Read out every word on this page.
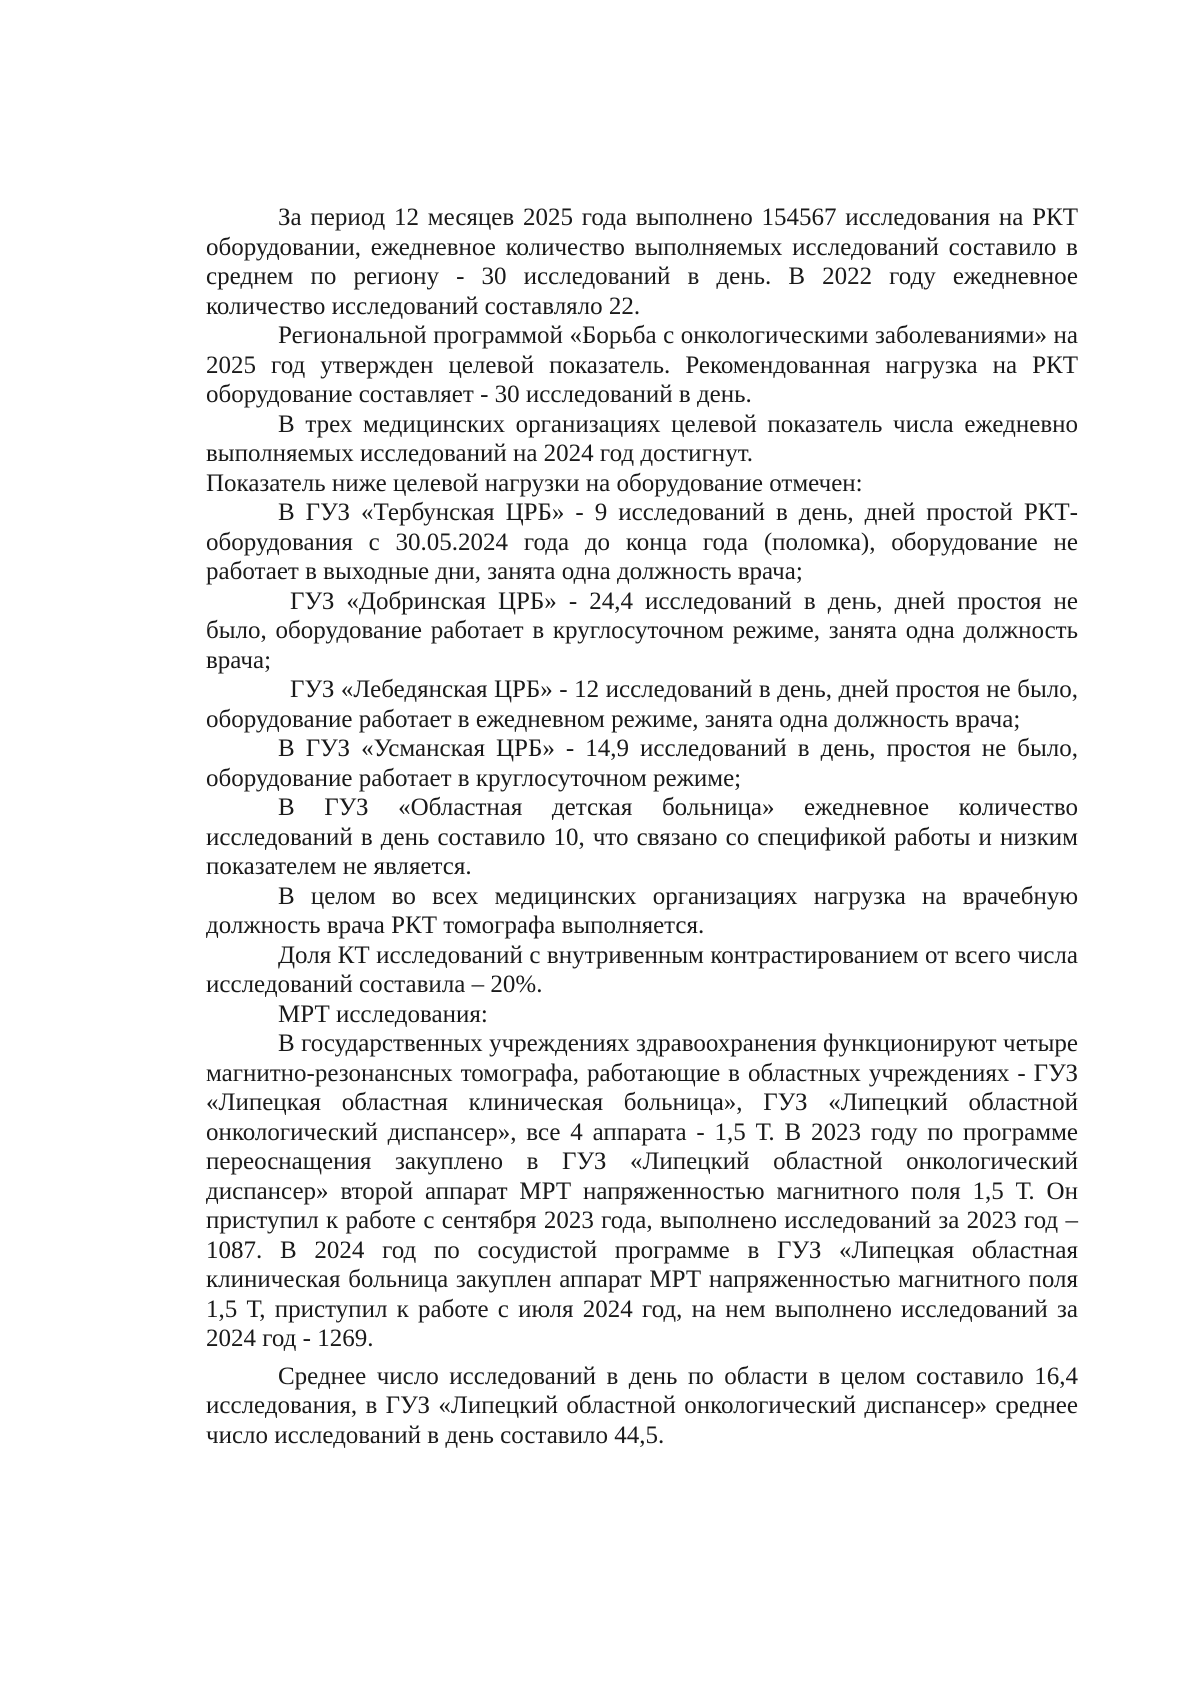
За период 12 месяцев 2025 года выполнено 154567 исследования на РКТ оборудовании, ежедневное количество выполняемых исследований составило в среднем по региону - 30 исследований в день. В 2022 году ежедневное количество исследований составляло 22.

Региональной программой «Борьба с онкологическими заболеваниями» на 2025 год утвержден целевой показатель. Рекомендованная нагрузка на РКТ оборудование составляет - 30 исследований в день.

В трех медицинских организациях целевой показатель числа ежедневно выполняемых исследований на 2024 год достигнут.

Показатель ниже целевой нагрузки на оборудование отмечен:

В ГУЗ «Тербунская ЦРБ» - 9 исследований в день, дней простой РКТ-оборудования с 30.05.2024 года до конца года (поломка), оборудование не работает в выходные дни, занята одна должность врача;

ГУЗ «Добринская ЦРБ» - 24,4 исследований в день, дней простоя не было, оборудование работает в круглосуточном режиме, занята одна должность врача;

ГУЗ «Лебедянская ЦРБ» - 12 исследований в день, дней простоя не было, оборудование работает в ежедневном режиме, занята одна должность врача;

В ГУЗ «Усманская ЦРБ» - 14,9 исследований в день, простоя не было, оборудование работает в круглосуточном режиме;

В ГУЗ «Областная детская больница» ежедневное количество исследований в день составило 10, что связано со спецификой работы и низким показателем не является.

В целом во всех медицинских организациях нагрузка на врачебную должность врача РКТ томографа выполняется.

Доля КТ исследований с внутривенным контрастированием от всего числа исследований составила – 20%.

МРТ исследования:

В государственных учреждениях здравоохранения функционируют четыре магнитно-резонансных томографа, работающие в областных учреждениях - ГУЗ «Липецкая областная клиническая больница», ГУЗ «Липецкий областной онкологический диспансер», все 4 аппарата - 1,5 Т. В 2023 году по программе переоснащения закуплено в ГУЗ «Липецкий областной онкологический диспансер» второй аппарат МРТ напряженностью магнитного поля 1,5 Т. Он приступил к работе с сентября 2023 года, выполнено исследований за 2023 год – 1087. В 2024 год по сосудистой программе в ГУЗ «Липецкая областная клиническая больница закуплен аппарат МРТ напряженностью магнитного поля 1,5 Т, приступил к работе с июля 2024 год, на нем выполнено исследований за 2024 год - 1269.

Среднее число исследований в день по области в целом составило 16,4 исследования, в ГУЗ «Липецкий областной онкологический диспансер» среднее число исследований в день составило 44,5.
